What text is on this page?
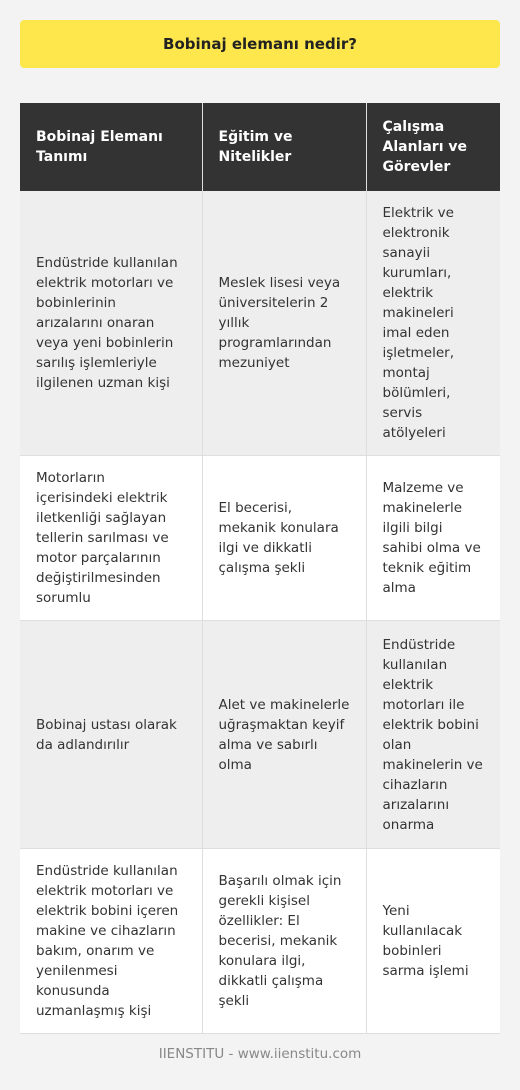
Bobinaj elemanı nedir?
Bobinaj Elemanı Tanımı	Eğitim ve Nitelikler	Çalışma Alanları ve Görevler
Endüstride kullanılan elektrik motorları ve bobinlerinin arızalarını onaran veya yeni bobinlerin sarılış işlemleriyle ilgilenen uzman kişi	Meslek lisesi veya üniversitelerin 2 yıllık programlarından mezuniyet	Elektrik ve elektronik sanayii kurumları, elektrik makineleri imal eden işletmeler, montaj bölümleri, servis atölyeleri
Motorların içerisindeki elektrik iletkenliği sağlayan tellerin sarılması ve motor parçalarının değiştirilmesinden sorumlu	El becerisi, mekanik konulara ilgi ve dikkatli çalışma şekli	Malzeme ve makinelerle ilgili bilgi sahibi olma ve teknik eğitim alma
Bobinaj ustası olarak da adlandırılır	Alet ve makinelerle uğraşmaktan keyif alma ve sabırlı olma	Endüstride kullanılan elektrik motorları ile elektrik bobini olan makinelerin ve cihazların arızalarını onarma
Endüstride kullanılan elektrik motorları ve elektrik bobini içeren makine ve cihazların bakım, onarım ve yenilenmesi konusunda uzmanlaşmış kişi	Başarılı olmak için gerekli kişisel özellikler: El becerisi, mekanik konulara ilgi, dikkatli çalışma şekli	Yeni kullanılacak bobinleri sarma işlemi
IIENSTITU - www.iienstitu.com
